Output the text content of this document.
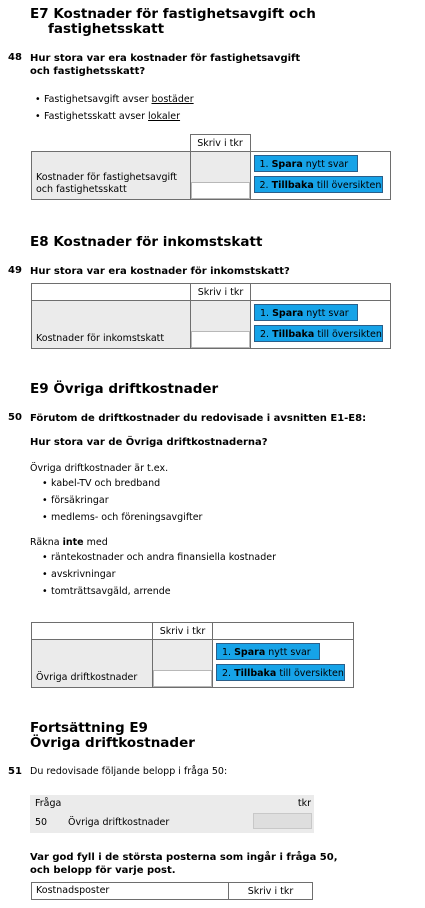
E7 Kostnader för fastighetsavgift och
fastighetsskatt
48 Hur stora var era kostnader för fastighetsavgift
och fastighetsskatt?
• Fastighetsavgift avser bostäder
• Fastighetsskatt avser lokaler
	Skriv i tkr	
Kostnader för fastighetsavgift
och fastighetsskatt		1. Spara nytt svar
2. Tillbaka till översikten
E8 Kostnader för inkomstskatt
49 Hur stora var era kostnader för inkomstskatt?
	Skriv i tkr	
Kostnader för inkomstskatt		1. Spara nytt svar
2. Tillbaka till översikten
E9 Övriga driftkostnader
50 Förutom de driftkostnader du redovisade i avsnitten E1-E8:
Hur stora var de Övriga driftkostnaderna?
Övriga driftkostnader är t.ex.
• kabel-TV och bredband
• försäkringar
• medlems- och föreningsavgifter
Räkna inte med
• räntekostnader och andra finansiella kostnader
• avskrivningar
• tomträttsavgäld, arrende
	Skriv i tkr	
Övriga driftkostnader		1. Spara nytt svar
2. Tillbaka till översikten
Fortsättning E9
Övriga driftkostnader
51 Du redovisade följande belopp i fråga 50:
Fråga	tkr
50 Övriga driftkostnader
Var god fyll i de största posterna som ingår i fråga 50,
och belopp för varje post.
Kostnadsposter	Skriv i tkr
